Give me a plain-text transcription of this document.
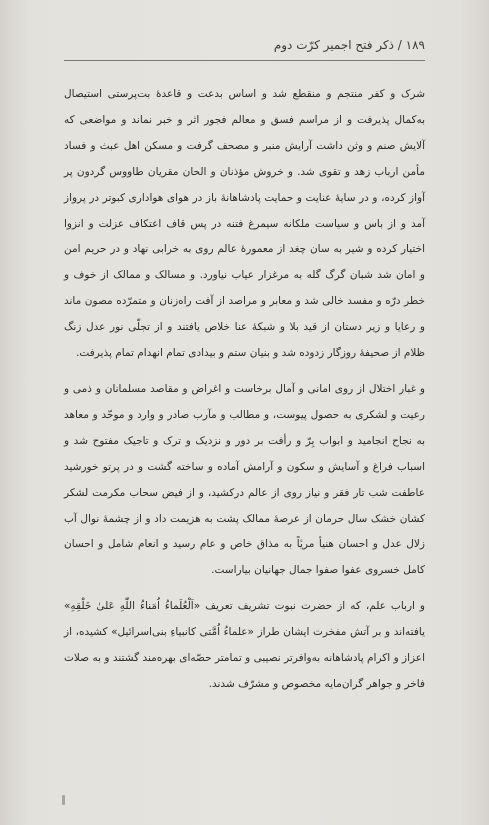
۱۸۹ / ذکر فتح اجمیر کرّت دوم

شرک و کفر منتجم و منقطع شد و اساس بدعت و قاعدهٔ بت‌پرستی استیصال به‌کمال پذیرفت و از مراسم فسق و معالم فجور اثر و خبر نماند و مواضعی که آلایش صنم و وثن داشت آرایش منبر و مصحف گرفت و مسکن اهل عبث و فساد مأمن ارباب زهد و تقوی شد. و خروش مؤذنان و الحان مقریان طاووس گردون پر آواز کرده، و در سایهٔ عنایت و حمایت پادشاهانهٔ باز در هوای هواداری کبوتر در پرواز آمد و از باس و سیاست ملکانه سیمرغ فتنه در پس قاف اعتکاف عزلت و انزوا اختیار کرده و شیر به سان چغد از معمورهٔ عالم روی به خرابی نهاد و در حریم امن و امان شد شبان گرگ گله به مرغزار عیاب نیاورد. و مسالک و ممالک از خوف و خطر درّه و مفسد خالی شد و معابر و مراصد از آفت راه‌زنان و متمرّده مصون ماند و رعایا و زیر دستان از قید بلا و شبکهٔ عنا خلاص یافتند و از تجلّی نور عدل زنگ ظلام از صحیفهٔ روزگار زدوده شد و بنیان ستم و بیدادی تمام انهدام تمام پذیرفت.

و غبار اختلال از روی امانی و آمال برخاست و اغراض و مقاصد مسلمانان و ذمی و رعیت و لشکری به حصول پیوست، و مطالب و مآرب صادر و وارد و موحّد و معاهد به نجاح انجامید و ابواب بِرّ و رأفت بر دور و نزدیک و ترک و تاجیک مفتوح شد و اسباب فراغ و آسایش و سکون و آرامش آماده و ساخته گشت و در پرتو خورشید عاطفت شب تار فقر و نیاز روی از عالم درکشید، و از فیض سحاب مکرمت لشکر کشان خشک سال حرمان از عرصهٔ ممالک پشت به هزیمت داد و از چشمهٔ نوال آب زلال عدل و احسان هنیأ مریٔاً به مذاق خاص و عام رسید و انعام شامل و احسان کامل خسروی عفوا صفوا جمال جهانیان بیاراست.

و ارباب علم، که از حضرت نبوت تشریف تعریف «اَلْعُلَماءُ اُمَناءُ اللّٰهِ عَلیٰ خَلْقِهِ» یافته‌اند و بر آتش مفخرت ایشان طراز «علماءُ اُمَّتی کانبیاءِ بنی‌اسرائیل» کشیده، از اعزاز و اکرام پادشاهانه به‌وافرتر نصیبی و تمامتر حصّه‌ای بهره‌مند گشتند و به صلات فاخر و جواهر گران‌مایه مخصوص و مشرّف شدند.
